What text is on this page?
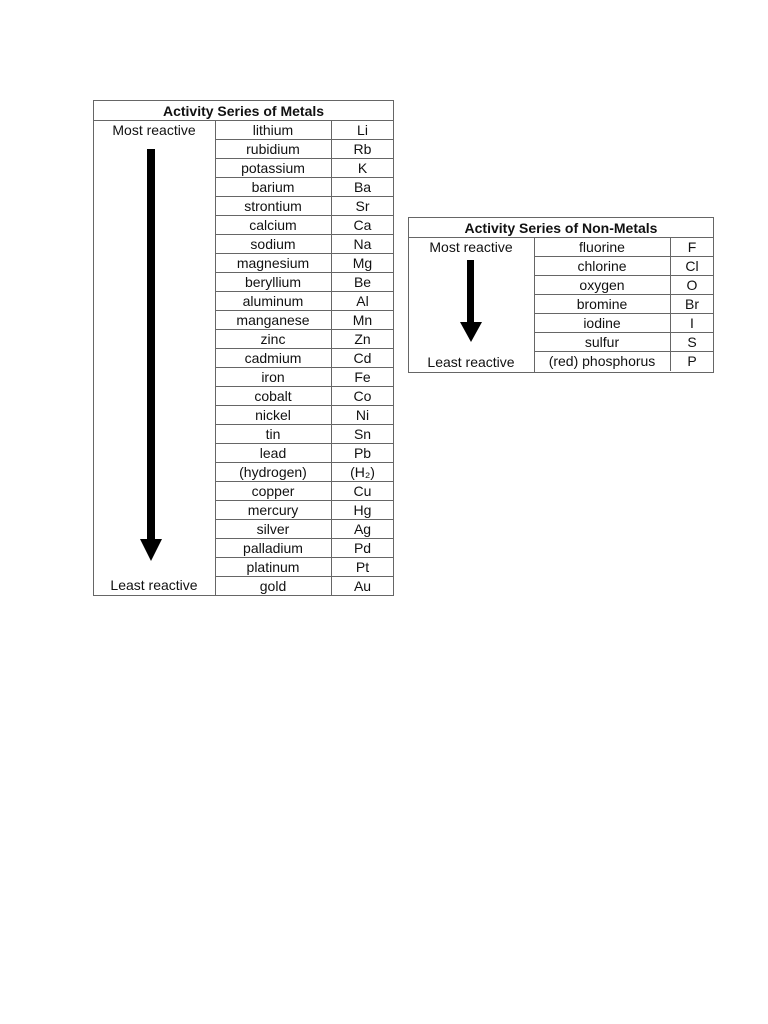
Activity Series of Metals
Most reactive
Least reactive
lithium	Li
rubidium	Rb
potassium	K
barium	Ba
strontium	Sr
calcium	Ca
sodium	Na
magnesium	Mg
beryllium	Be
aluminum	Al
manganese	Mn
zinc	Zn
cadmium	Cd
iron	Fe
cobalt	Co
nickel	Ni
tin	Sn
lead	Pb
(hydrogen)	(H₂)
copper	Cu
mercury	Hg
silver	Ag
palladium	Pd
platinum	Pt
gold	Au
Activity Series of Non-Metals
Most reactive
Least reactive
fluorine	F
chlorine	Cl
oxygen	O
bromine	Br
iodine	I
sulfur	S
(red) phosphorus	P
